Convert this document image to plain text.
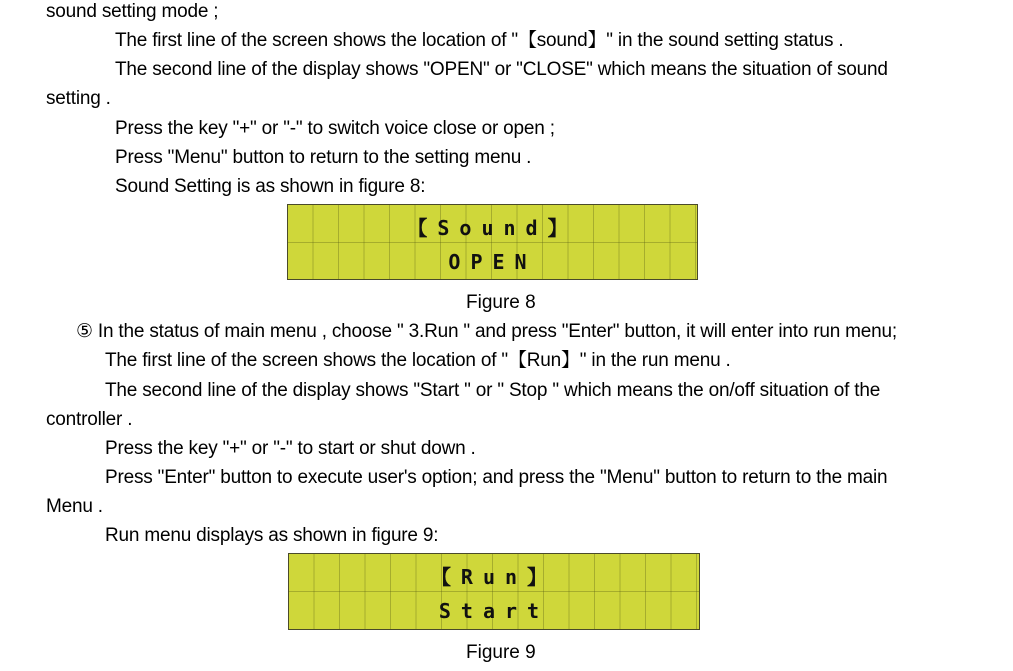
sound setting mode ;
The first line of the screen shows the location of "【sound】" in the sound setting status .
The second line of the display shows "OPEN" or "CLOSE" which means the situation of sound
setting .
Press the key "+" or "-" to switch voice close or open ;
Press "Menu" button to return to the setting menu .
Sound Setting is as shown in figure 8:
【Sound】
OPEN
Figure 8
⑤ In the status of main menu , choose " 3.Run " and press "Enter" button, it will enter into run menu;
The first line of the screen shows the location of "【Run】" in the run menu .
The second line of the display shows "Start " or " Stop " which means the on/off situation of the
controller .
Press the key "+" or "-" to start or shut down .
Press "Enter" button to execute user's option; and press the "Menu" button to return to the main
Menu .
Run menu displays as shown in figure 9:
【Run】
Start
Figure 9
